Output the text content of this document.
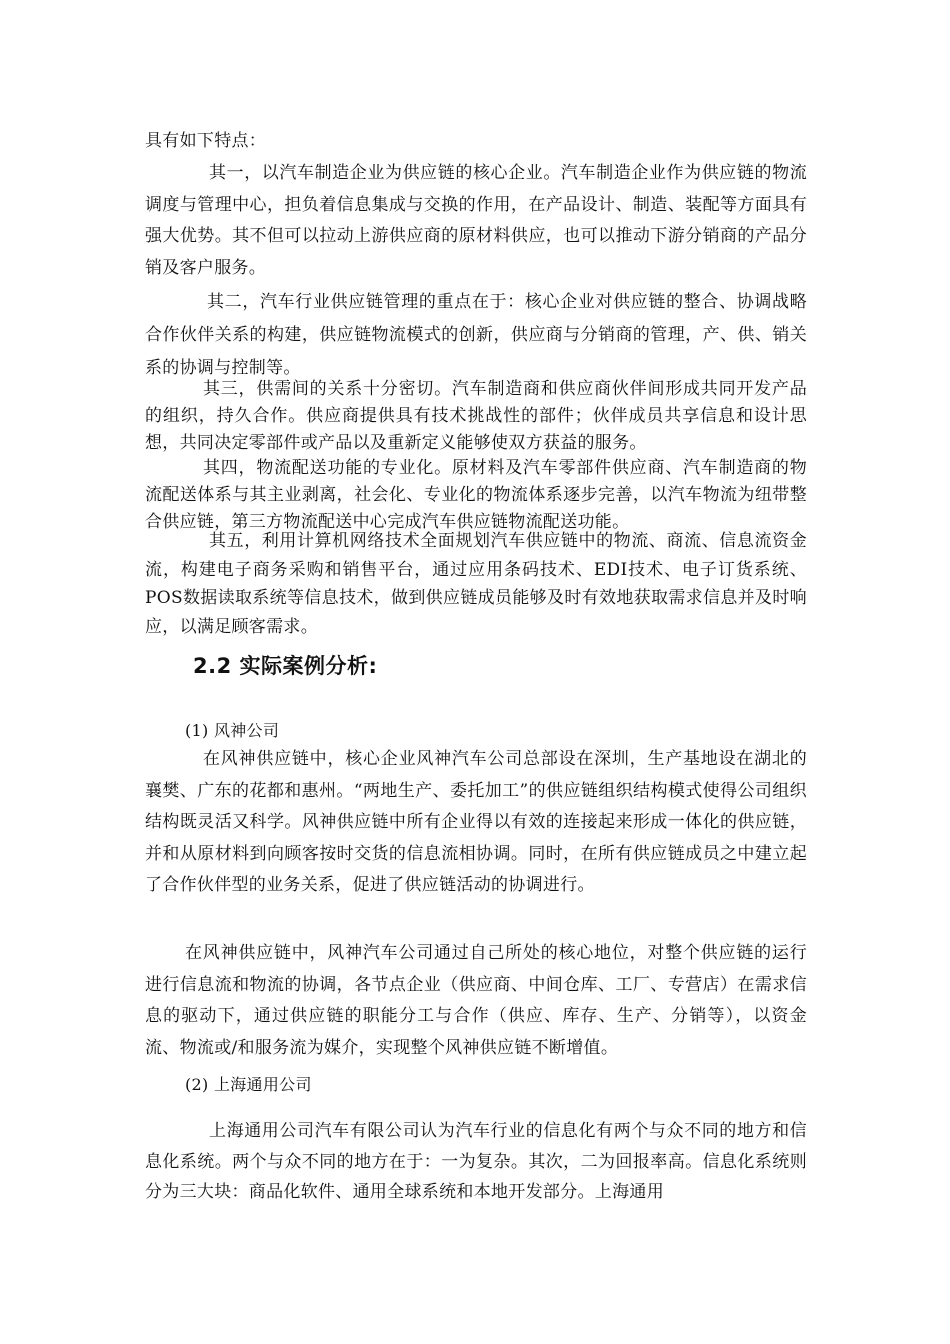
具有如下特点：

其一，以汽车制造企业为供应链的核心企业。汽车制造企业作为供应链的物流调度与管理中心，担负着信息集成与交换的作用，在产品设计、制造、装配等方面具有强大优势。其不但可以拉动上游供应商的原材料供应，也可以推动下游分销商的产品分销及客户服务。

其二，汽车行业供应链管理的重点在于：核心企业对供应链的整合、协调战略合作伙伴关系的构建，供应链物流模式的创新，供应商与分销商的管理，产、供、销关系的协调与控制等。

其三，供需间的关系十分密切。汽车制造商和供应商伙伴间形成共同开发产品的组织，持久合作。供应商提供具有技术挑战性的部件；伙伴成员共享信息和设计思想，共同决定零部件或产品以及重新定义能够使双方获益的服务。

其四，物流配送功能的专业化。原材料及汽车零部件供应商、汽车制造商的物流配送体系与其主业剥离，社会化、专业化的物流体系逐步完善，以汽车物流为纽带整合供应链，第三方物流配送中心完成汽车供应链物流配送功能。

其五，利用计算机网络技术全面规划汽车供应链中的物流、商流、信息流资金流，构建电子商务采购和销售平台，通过应用条码技术、EDI技术、电子订货系统、POS数据读取系统等信息技术，做到供应链成员能够及时有效地获取需求信息并及时响应，以满足顾客需求。

2.2 实际案例分析:

(1) 风神公司

在风神供应链中，核心企业风神汽车公司总部设在深圳，生产基地设在湖北的襄樊、广东的花都和惠州。“两地生产、委托加工”的供应链组织结构模式使得公司组织结构既灵活又科学。风神供应链中所有企业得以有效的连接起来形成一体化的供应链，并和从原材料到向顾客按时交货的信息流相协调。同时，在所有供应链成员之中建立起了合作伙伴型的业务关系，促进了供应链活动的协调进行。

在风神供应链中，风神汽车公司通过自己所处的核心地位，对整个供应链的运行进行信息流和物流的协调，各节点企业（供应商、中间仓库、工厂、专营店）在需求信息的驱动下，通过供应链的职能分工与合作（供应、库存、生产、分销等），以资金流、物流或/和服务流为媒介，实现整个风神供应链不断增值。

(2) 上海通用公司

上海通用公司汽车有限公司认为汽车行业的信息化有两个与众不同的地方和信息化系统。两个与众不同的地方在于：一为复杂。其次，二为回报率高。信息化系统则分为三大块：商品化软件、通用全球系统和本地开发部分。上海通用
